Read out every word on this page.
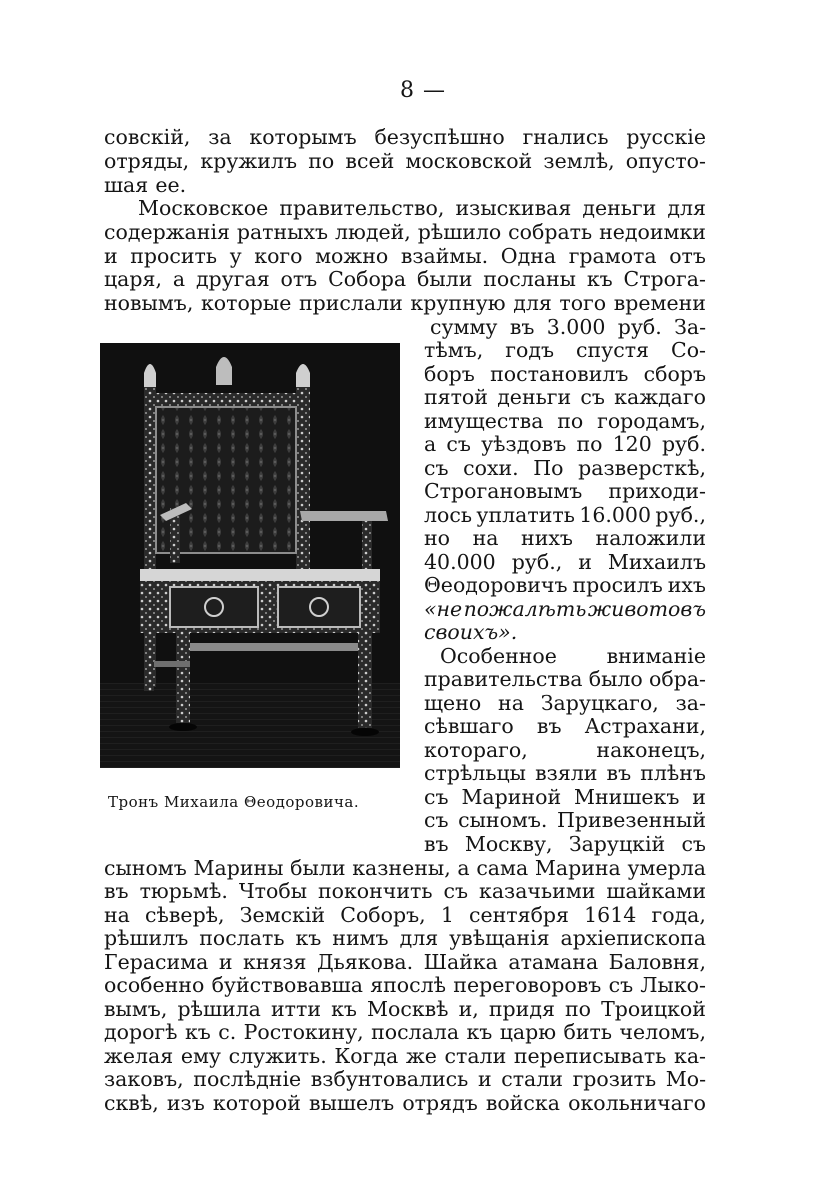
8 —
совскій, за которымъ безуспѣшно гнались русскіе
отряды, кружилъ по всей московской землѣ, опусто-
шая ее.
Московское правительство, изыскивая деньги для
содержанія ратныхъ людей, рѣшило собрать недоимки
и просить у кого можно взаймы. Одна грамота отъ
царя, а другая отъ Собора были посланы къ Строга-
новымъ, которые прислали крупную для того времени
Тронъ Михаила Θеодоровича.
сумму въ 3.000 руб. За-
тѣмъ, годъ спустя Со-
боръ постановилъ сборъ
пятой деньги съ каждаго
имущества по городамъ,
а съ уѣздовъ по 120 руб.
съ сохи. По разверсткѣ,
Строгановымъ приходи-
лось уплатить 16.000 руб.,
но на нихъ наложили
40.000 руб., и Михаилъ
Θеодоровичъ просилъ ихъ
«не пожалѣть животовъ
своихъ».
Особенное вниманіе
правительства было обра-
щено на Заруцкаго, за-
сѣвшаго въ Астрахани,
котораго,	наконецъ,
стрѣльцы взяли въ плѣнъ
съ Мариной Мнишекъ и
съ сыномъ. Привезенный
въ Москву, Заруцкій съ
сыномъ Марины были казнены, а сама Марина умерла
въ тюрьмѣ. Чтобы покончить съ казачьими шайками
на сѣверѣ, Земскій Соборъ, 1 сентября 1614 года,
рѣшилъ послать къ нимъ для увѣщанія архіепископа
Герасима и князя Дьякова. Шайка атамана Баловня,
особенно буйствовавша япослѣ переговоровъ съ Лыко-
вымъ, рѣшила итти къ Москвѣ и, придя по Троицкой
дорогѣ къ с. Ростокину, послала къ царю бить челомъ,
желая ему служить. Когда же стали переписывать ка-
заковъ, послѣдніе взбунтовались и стали грозить Мо-
сквѣ, изъ которой вышелъ отрядъ войска окольничаго
